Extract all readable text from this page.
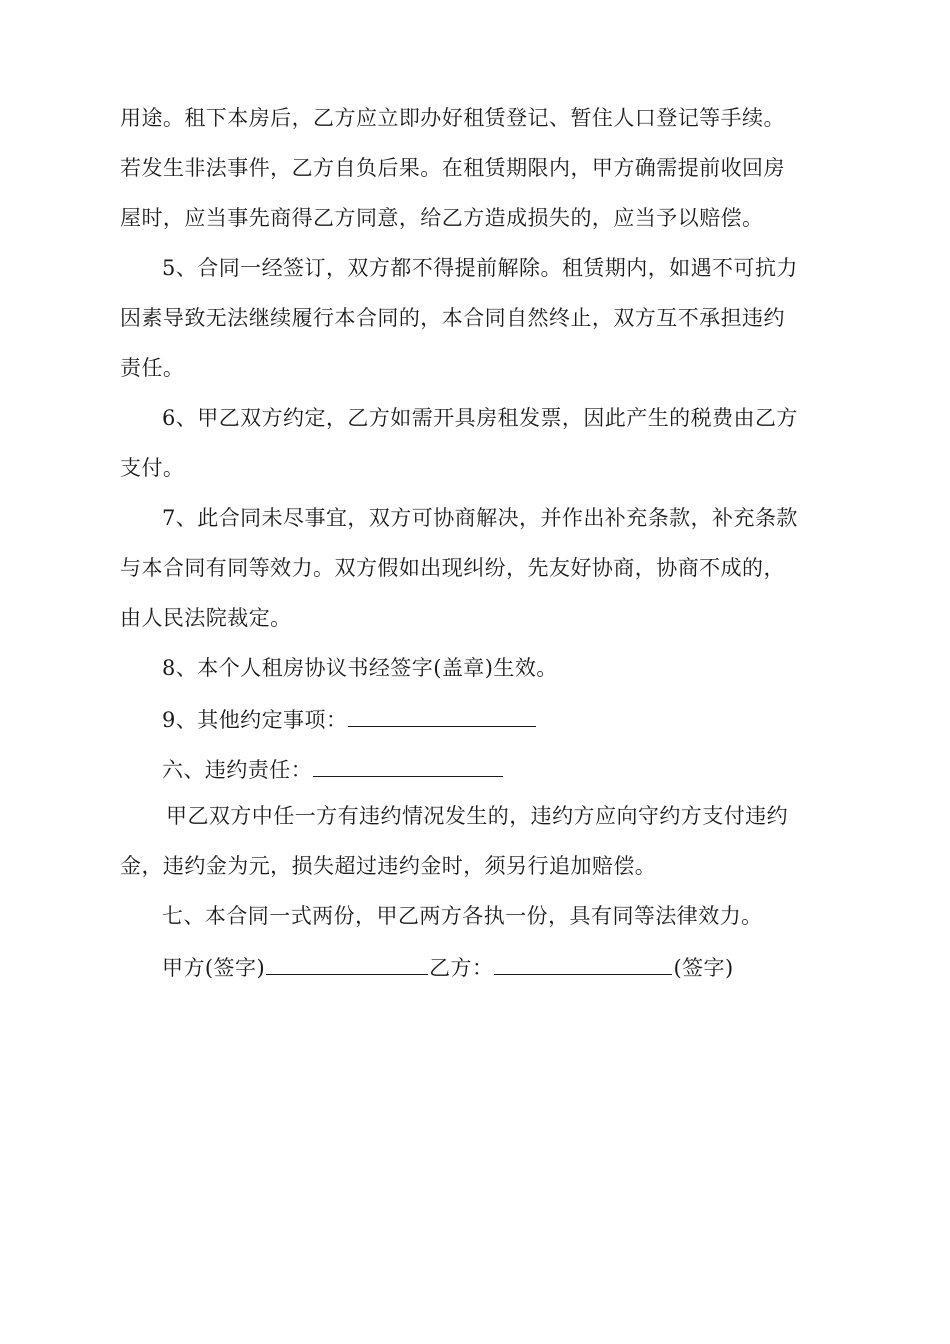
用途。租下本房后，乙方应立即办好租赁登记、暂住人口登记等手续。
若发生非法事件，乙方自负后果。在租赁期限内，甲方确需提前收回房
屋时，应当事先商得乙方同意，给乙方造成损失的，应当予以赔偿。
5、合同一经签订，双方都不得提前解除。租赁期内，如遇不可抗力
因素导致无法继续履行本合同的，本合同自然终止，双方互不承担违约
责任。
6、甲乙双方约定，乙方如需开具房租发票，因此产生的税费由乙方
支付。
7、此合同未尽事宜，双方可协商解决，并作出补充条款，补充条款
与本合同有同等效力。双方假如出现纠纷，先友好协商，协商不成的，
由人民法院裁定。
8、本个人租房协议书经签字(盖章)生效。
9、其他约定事项：
六、违约责任：
甲乙双方中任一方有违约情况发生的，违约方应向守约方支付违约
金，违约金为元，损失超过违约金时，须另行追加赔偿。
七、本合同一式两份，甲乙两方各执一份，具有同等法律效力。
甲方(签字)	乙方：	(签字)
